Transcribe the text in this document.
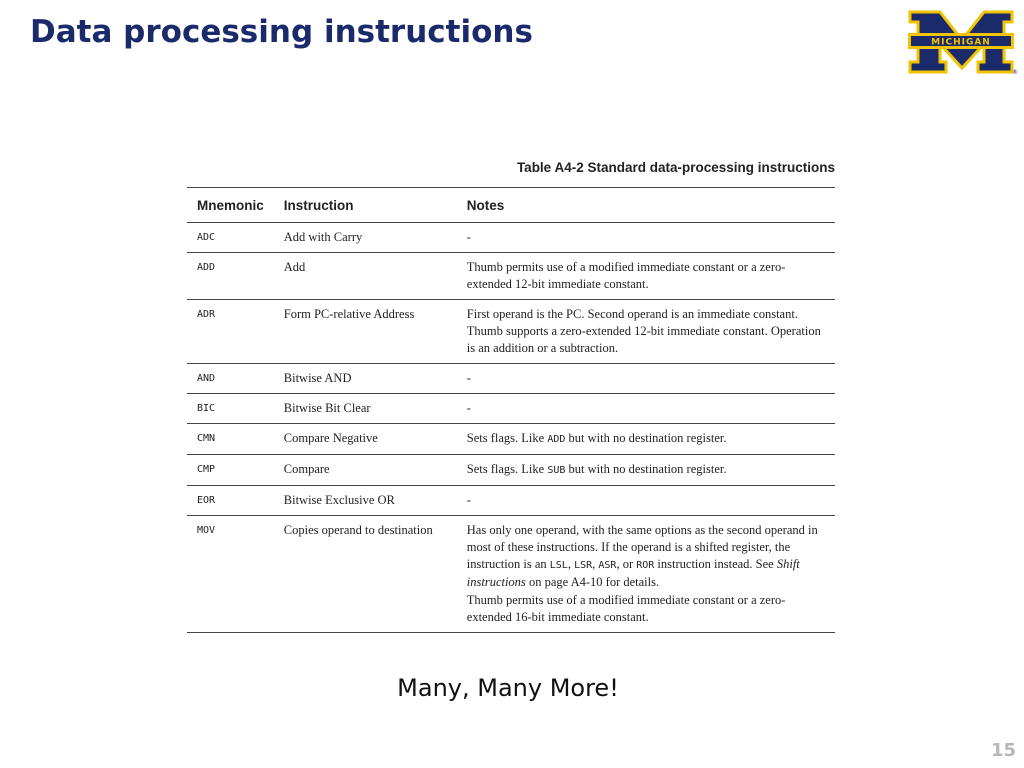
Data processing instructions	MICHIGAN
®
Table A4-2 Standard data-processing instructions
Mnemonic	Instruction	Notes
ADC	Add with Carry	-
ADD	Add	Thumb permits use of a modified immediate constant or a zero-extended 12-bit immediate constant.
ADR	Form PC-relative Address	First operand is the PC. Second operand is an immediate constant. Thumb supports a zero-extended 12-bit immediate constant. Operation is an addition or a subtraction.
AND	Bitwise AND	-
BIC	Bitwise Bit Clear	-
CMN	Compare Negative	Sets flags. Like ADD but with no destination register.
CMP	Compare	Sets flags. Like SUB but with no destination register.
EOR	Bitwise Exclusive OR	-
MOV	Copies operand to destination	Has only one operand, with the same options as the second operand in most of these instructions. If the operand is a shifted register, the instruction is an LSL, LSR, ASR, or ROR instruction instead. See Shift instructions on page A4-10 for details.
Thumb permits use of a modified immediate constant or a zero-extended 16-bit immediate constant.
Many, Many More!
15
